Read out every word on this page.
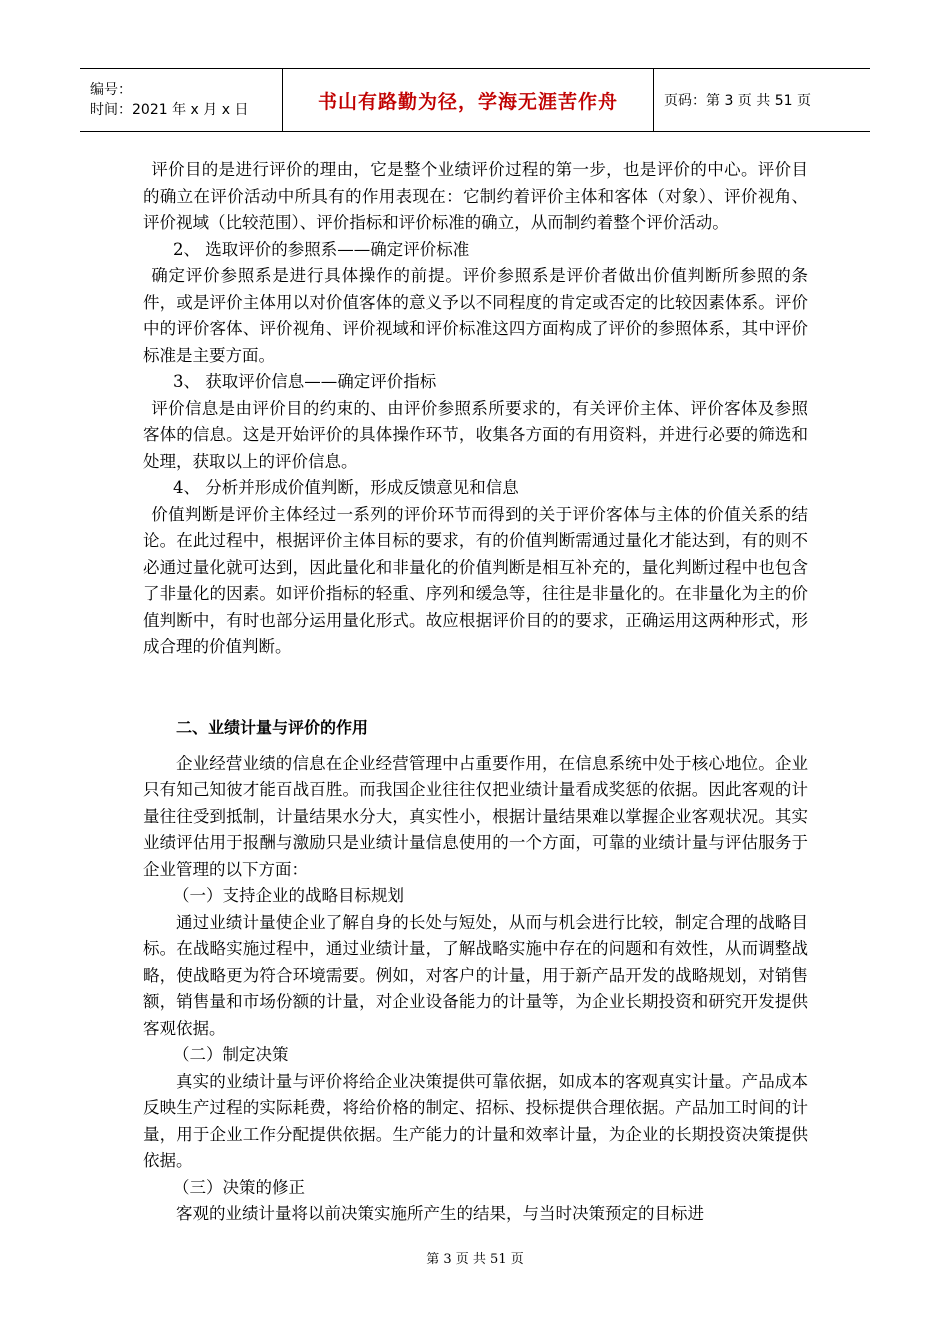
编号：
时间：2021 年 x 月 x 日	书山有路勤为径，学海无涯苦作舟	页码：第 3 页 共 51 页

评价目的是进行评价的理由，它是整个业绩评价过程的第一步，也是评价的中心。评价目的确立在评价活动中所具有的作用表现在：它制约着评价主体和客体（对象）、评价视角、评价视域（比较范围）、评价指标和评价标准的确立，从而制约着整个评价活动。

2、 选取评价的参照系——确定评价标准

确定评价参照系是进行具体操作的前提。评价参照系是评价者做出价值判断所参照的条件，或是评价主体用以对价值客体的意义予以不同程度的肯定或否定的比较因素体系。评价中的评价客体、评价视角、评价视域和评价标准这四方面构成了评价的参照体系，其中评价标准是主要方面。

3、 获取评价信息——确定评价指标

评价信息是由评价目的约束的、由评价参照系所要求的，有关评价主体、评价客体及参照客体的信息。这是开始评价的具体操作环节，收集各方面的有用资料，并进行必要的筛选和处理，获取以上的评价信息。

4、 分析并形成价值判断，形成反馈意见和信息

价值判断是评价主体经过一系列的评价环节而得到的关于评价客体与主体的价值关系的结论。在此过程中，根据评价主体目标的要求，有的价值判断需通过量化才能达到，有的则不必通过量化就可达到，因此量化和非量化的价值判断是相互补充的，量化判断过程中也包含了非量化的因素。如评价指标的轻重、序列和缓急等，往往是非量化的。在非量化为主的价值判断中，有时也部分运用量化形式。故应根据评价目的的要求，正确运用这两种形式，形成合理的价值判断。

二、业绩计量与评价的作用

企业经营业绩的信息在企业经营管理中占重要作用，在信息系统中处于核心地位。企业只有知己知彼才能百战百胜。而我国企业往往仅把业绩计量看成奖惩的依据。因此客观的计量往往受到抵制，计量结果水分大，真实性小，根据计量结果难以掌握企业客观状况。其实业绩评估用于报酬与激励只是业绩计量信息使用的一个方面，可靠的业绩计量与评估服务于企业管理的以下方面：

（一）支持企业的战略目标规划

通过业绩计量使企业了解自身的长处与短处，从而与机会进行比较，制定合理的战略目标。在战略实施过程中，通过业绩计量，了解战略实施中存在的问题和有效性，从而调整战略，使战略更为符合环境需要。例如，对客户的计量，用于新产品开发的战略规划，对销售额，销售量和市场份额的计量，对企业设备能力的计量等，为企业长期投资和研究开发提供客观依据。

（二）制定决策

真实的业绩计量与评价将给企业决策提供可靠依据，如成本的客观真实计量。产品成本反映生产过程的实际耗费，将给价格的制定、招标、投标提供合理依据。产品加工时间的计量，用于企业工作分配提供依据。生产能力的计量和效率计量，为企业的长期投资决策提供依据。

（三）决策的修正

客观的业绩计量将以前决策实施所产生的结果，与当时决策预定的目标进

第 3 页 共 51 页
